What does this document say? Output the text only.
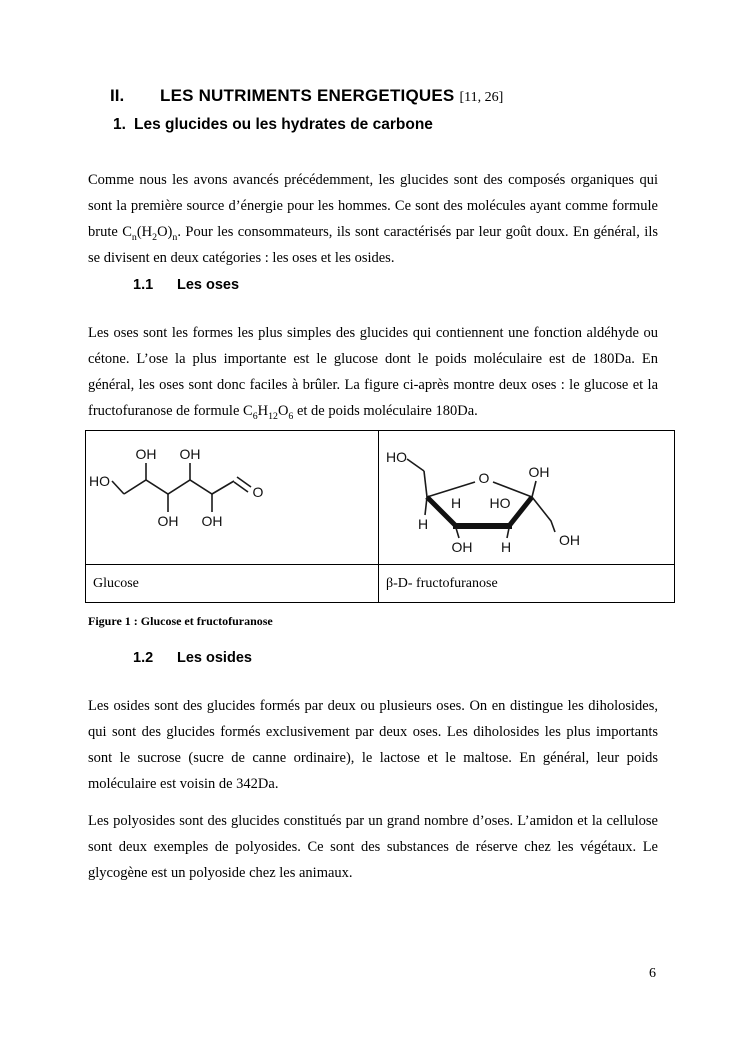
II. LES NUTRIMENTS ENERGETIQUES [11, 26]
1. Les glucides ou les hydrates de carbone

Comme nous les avons avancés précédemment, les glucides sont des composés organiques qui sont la première source d’énergie pour les hommes. Ce sont des molécules ayant comme formule brute $C_n(H_2O)_n$. Pour les consommateurs, ils sont caractérisés par leur goût doux. En général, ils se divisent en deux catégories : les oses et les osides.

1.1 Les oses

Les oses sont les formes les plus simples des glucides qui contiennent une fonction aldéhyde ou cétone. L’ose la plus importante est le glucose dont le poids moléculaire est de 180Da. En général, les oses sont donc faciles à brûler. La figure ci-après montre deux oses : le glucose et la fructofuranose de formule $C_6H_{12}O_6$ et de poids moléculaire 180Da.

HO
OH OH
OH OH
O

HO
O
H
H HO
OH H
OH
OH

Glucose	β-D- fructofuranose
Figure 1 : Glucose et fructofuranose
1.2 Les osides

Les osides sont des glucides formés par deux ou plusieurs oses. On en distingue les diholosides, qui sont des glucides formés exclusivement par deux oses. Les diholosides les plus importants sont le sucrose (sucre de canne ordinaire), le lactose et le maltose. En général, leur poids moléculaire est voisin de 342Da.

Les polyosides sont des glucides constitués par un grand nombre d’oses. L’amidon et la cellulose sont deux exemples de polyosides. Ce sont des substances de réserve chez les végétaux. Le glycogène est un polyoside chez les animaux.

6
